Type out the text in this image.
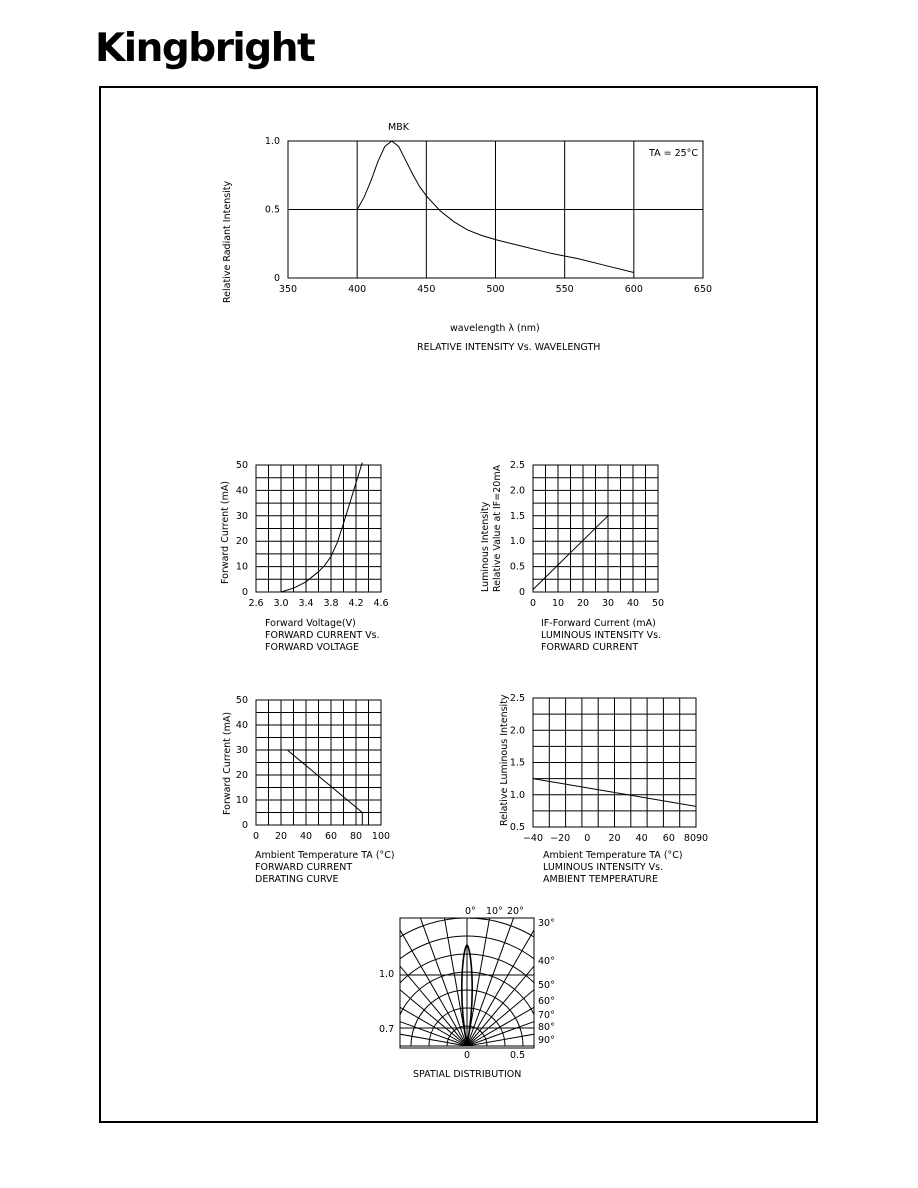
Kingbright
350	400	450	500	550	600	650
0
0.5
1.0
MBK
TA = 25°C
wavelength λ (nm)
RELATIVE INTENSITY Vs. WAVELENGTH
Relative Radiant Intensity
2.6 3.0 3.4 3.8 4.2 4.6
0
10
20
30
40
50
Forward Voltage(V)
FORWARD CURRENT Vs.
FORWARD VOLTAGE
Forward Current (mA)
0 10 20 30 40 50
0
0.5
1.0
1.5
2.0
2.5
IF-Forward Current (mA)
LUMINOUS INTENSITY Vs.
FORWARD CURRENT
Luminous Intensity Relative Value at IF=20mA
0 20 40 60 80 100
0
10
20
30
40
50
Ambient Temperature TA (°C)
FORWARD CURRENT
DERATING CURVE
Forward Current (mA)
−40 −20 0 20 40 60 8090
0.5
1.0
1.5
2.0
2.5
Ambient Temperature TA (°C)
LUMINOUS INTENSITY Vs.
AMBIENT TEMPERATURE
Relative Luminous Intensity
0° 10° 20°
30°
40°
50°
60°
70°
80°
90°
1.0
0.7
0	0.5
SPATIAL DISTRIBUTION
